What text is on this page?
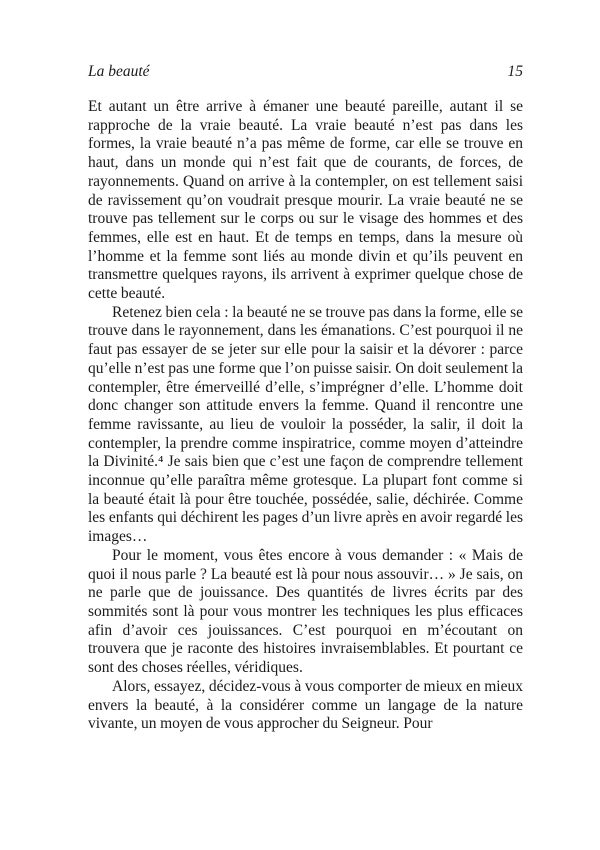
La beauté	15

Et autant un être arrive à émaner une beauté pareille, autant il se rapproche de la vraie beauté. La vraie beauté n’est pas dans les formes, la vraie beauté n’a pas même de forme, car elle se trouve en haut, dans un monde qui n’est fait que de courants, de forces, de rayonnements. Quand on arrive à la contempler, on est tellement saisi de ravissement qu’on voudrait presque mourir. La vraie beauté ne se trouve pas tellement sur le corps ou sur le visage des hommes et des femmes, elle est en haut. Et de temps en temps, dans la mesure où l’homme et la femme sont liés au monde divin et qu’ils peuvent en transmettre quelques rayons, ils arrivent à exprimer quelque chose de cette beauté.

Retenez bien cela : la beauté ne se trouve pas dans la forme, elle se trouve dans le rayonnement, dans les émanations. C’est pourquoi il ne faut pas essayer de se jeter sur elle pour la saisir et la dévorer : parce qu’elle n’est pas une forme que l’on puisse saisir. On doit seulement la contempler, être émerveillé d’elle, s’imprégner d’elle. L’homme doit donc changer son attitude envers la femme. Quand il rencontre une femme ravissante, au lieu de vouloir la posséder, la salir, il doit la contempler, la prendre comme inspiratrice, comme moyen d’atteindre la Divinité.⁴ Je sais bien que c’est une façon de comprendre tellement inconnue qu’elle paraîtra même grotesque. La plupart font comme si la beauté était là pour être touchée, possédée, salie, déchirée. Comme les enfants qui déchirent les pages d’un livre après en avoir regardé les images…

Pour le moment, vous êtes encore à vous demander : « Mais de quoi il nous parle ? La beauté est là pour nous assouvir… » Je sais, on ne parle que de jouissance. Des quantités de livres écrits par des sommités sont là pour vous montrer les techniques les plus efficaces afin d’avoir ces jouissances. C’est pourquoi en m’écoutant on trouvera que je raconte des histoires invraisemblables. Et pourtant ce sont des choses réelles, véridiques.

Alors, essayez, décidez-vous à vous comporter de mieux en mieux envers la beauté, à la considérer comme un langage de la nature vivante, un moyen de vous approcher du Seigneur. Pour
